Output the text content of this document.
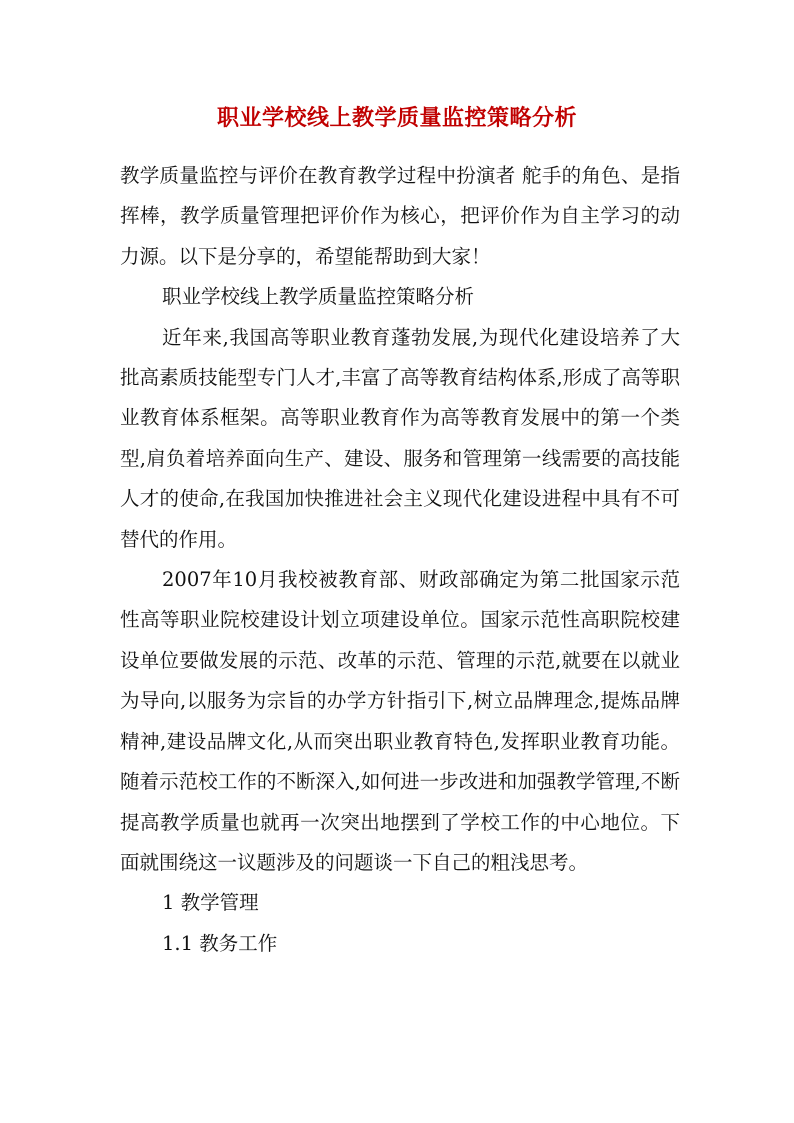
职业学校线上教学质量监控策略分析

教学质量监控与评价在教育教学过程中扮演者 舵手的角色、是指挥棒，教学质量管理把评价作为核心，把评价作为自主学习的动力源。以下是分享的，希望能帮助到大家！

职业学校线上教学质量监控策略分析

近年来,我国高等职业教育蓬勃发展,为现代化建设培养了大批高素质技能型专门人才,丰富了高等教育结构体系,形成了高等职业教育体系框架。高等职业教育作为高等教育发展中的第一个类型,肩负着培养面向生产、建设、服务和管理第一线需要的高技能人才的使命,在我国加快推进社会主义现代化建设进程中具有不可替代的作用。

2007年10月我校被教育部、财政部确定为第二批国家示范性高等职业院校建设计划立项建设单位。国家示范性高职院校建设单位要做发展的示范、改革的示范、管理的示范,就要在以就业为导向,以服务为宗旨的办学方针指引下,树立品牌理念,提炼品牌精神,建设品牌文化,从而突出职业教育特色,发挥职业教育功能。随着示范校工作的不断深入,如何进一步改进和加强教学管理,不断提高教学质量也就再一次突出地摆到了学校工作的中心地位。下面就围绕这一议题涉及的问题谈一下自己的粗浅思考。

1 教学管理

1.1 教务工作
